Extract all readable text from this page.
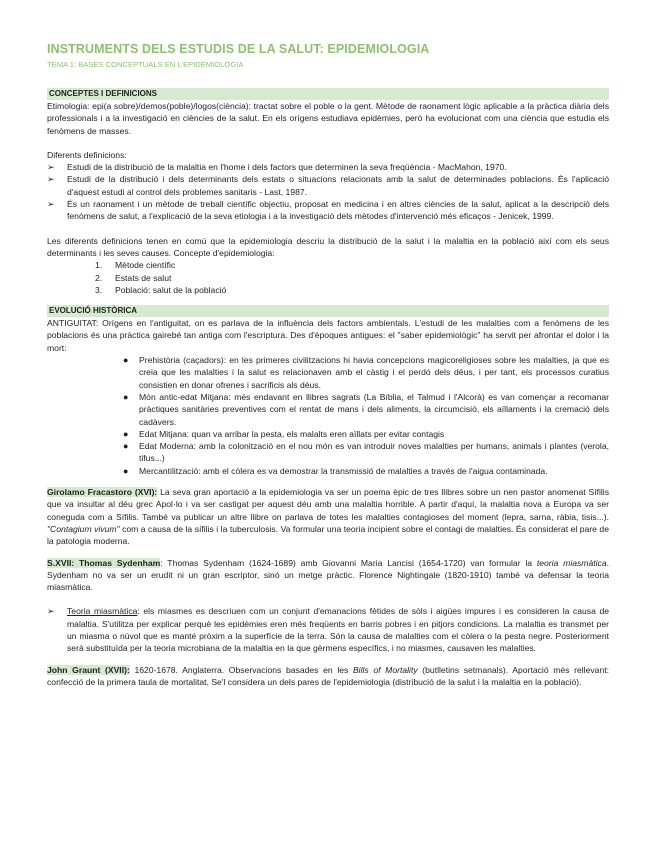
INSTRUMENTS DELS ESTUDIS DE LA SALUT: EPIDEMIOLOGIA
TEMA 1: BASES CONCEPTUALS EN L'EPIDEMIOLOGIA
CONCEPTES I DEFINICIONS

Etimologia: epi(a sobre)/demos(poble)/logos(ciència): tractat sobre el poble o la gent. Mètode de raonament lògic aplicable a la pràctica diària dels professionals i a la investigació en ciències de la salut. En els orígens estudiava epidèmies, però ha evolucionat com una ciència que estudia els fenòmens de masses.

Diferents definicions:

➢ Estudi de la distribució de la malaltia en l'home i dels factors que determinen la seva freqüència - MacMahon, 1970.
➢ Estudi de la distribució i dels determinants dels estats o situacions relacionats amb la salut de determinades poblacions. És l'aplicació d'aquest estudi al control dels problemes sanitaris - Last, 1987.
➢ És un raonament i un mètode de treball científic objectiu, proposat en medicina i en altres ciències de la salut, aplicat a la descripció dels fenòmens de salut, a l'explicació de la seva etiologia i a la investigació dels mètodes d'intervenció més eficaços - Jenicek, 1999.

Les diferents definicions tenen en comú que la epidemiologia descriu la distribució de la salut i la malaltia en la població així com els seus determinants i les seves causes. Concepte d'epidemiologia:

1. Mètode científic
2. Estats de salut
3. Població: salut de la població
EVOLUCIÓ HISTÒRICA

ANTIGUITAT: Orígens en l'antiguitat, on es parlava de la influència dels factors ambientals. L'estudi de les malalties com a fenòmens de les poblacions és una pràctica gairebé tan antiga com l'escriptura. Des d'èpoques antigues: el "saber epidemiològic" ha servit per afrontar el dolor i la mort:

● Prehistòria (caçadors): en les primeres civilitzacions hi havia concepcions magicoreligioses sobre les malalties, ja que es creia que les malalties i la salut es relacionaven amb el càstig i el perdó dels déus, i per tant, els processos curatius consistien en donar ofrenes i sacrificis als déus.
● Món antic-edat Mitjana: més endavant en llibres sagrats (La Bíblia, el Talmud i l'Alcorà) es van començar a recomanar pràctiques sanitàries preventives com el rentat de mans i dels aliments, la circumcisió, els aïllaments i la cremació dels cadàvers.
● Edat Mitjana: quan va arribar la pesta, els malalts eren aïllats per evitar contagis
● Edat Moderna: amb la colonització en el nou món es van introduir noves malalties per humans, animals i plantes (verola, tifus...)
● Mercantilització: amb el còlera es va demostrar la transmissió de malalties a través de l'aigua contaminada.

Girolamo Fracastoro (XVI): La seva gran aportació a la epidemiologia va ser un poema èpic de tres llibres sobre un nen pastor anomenat Sífilis que va insultar al déu grec Apol·lo i va ser castigat per aquest déu amb una malaltia horrible. A partir d'aquí, la malaltia nova a Europa va ser coneguda com a Sífilis. També va publicar un altre llibre on parlava de totes les malalties contagioses del moment (lepra, sarna, ràbia, tisis...). "Contagium vivum" com a causa de la sífilis i la tuberculosis. Va formular una teoria incipient sobre el contagi de malalties. És considerat el pare de la patologia moderna.

S.XVII: Thomas Sydenham: Thomas Sydenham (1624-1689) amb Giovanni Maria Lancisi (1654-1720) van formular la teoria miasmàtica. Sydenham no va ser un erudit ni un gran escriptor, sinó un metge pràctic. Florence Nightingale (1820-1910) també va defensar la teoria miasmàtica.

➢ Teoria miasmàtica: els miasmes es descriuen com un conjunt d'emanacions fètides de sòls i aigües impures i es consideren la causa de malaltia. S'utilitza per explicar perquè les epidèmies eren més freqüents en barris pobres i en pitjors condicions. La malaltia es transmet per un miasma o núvol que es manté pròxim a la superfície de la terra. Són la causa de malalties com el còlera o la pesta negre. Posteriorment serà substituïda per la teoria microbiana de la malaltia en la que gèrmens específics, i no miasmes, causaven les malalties.

John Graunt (XVII): 1620-1678. Anglaterra. Observacions basades en les Bills of Mortality (butlletins setmanals). Aportació més rellevant: confecció de la primera taula de mortalitat. Se'l considera un dels pares de l'epidemiologia (distribució de la salut i la malaltia en la població).
